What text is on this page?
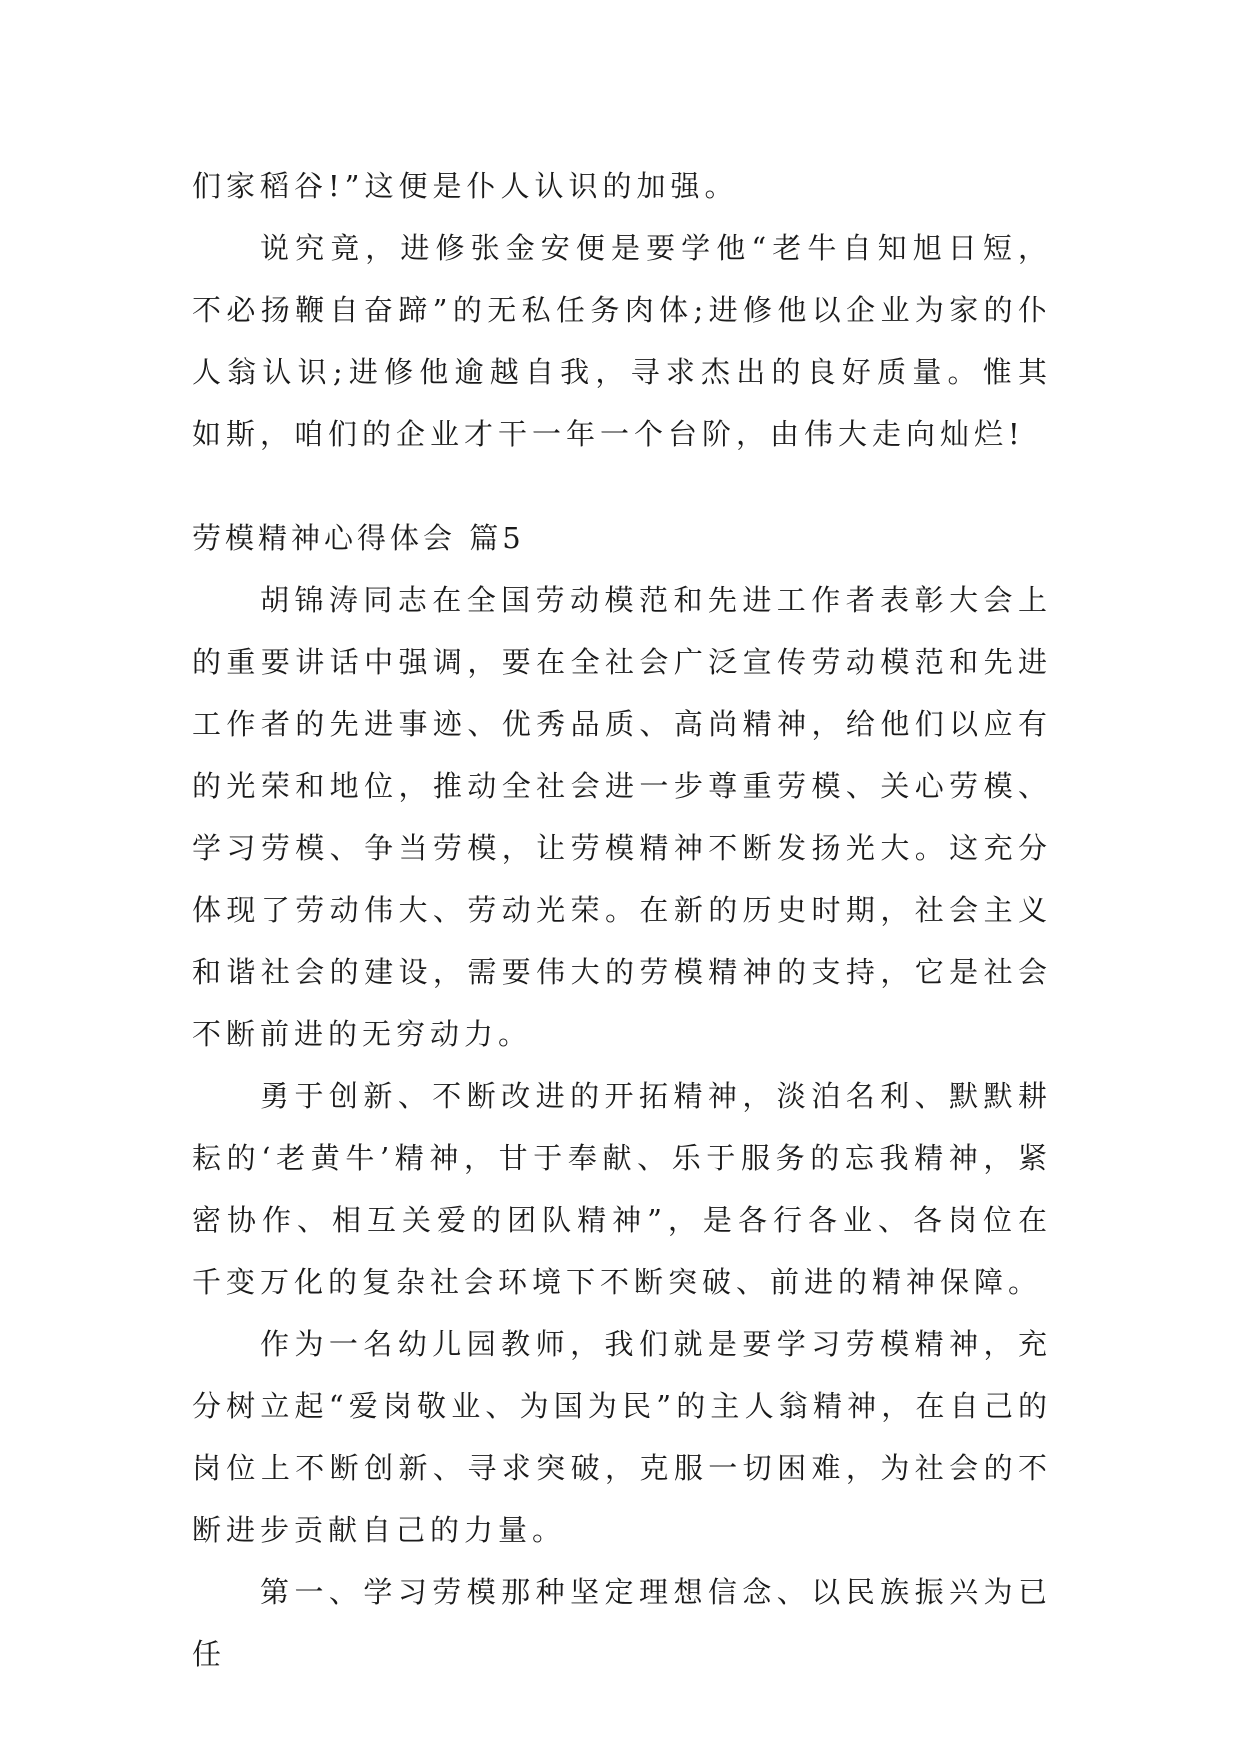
们家稻谷!”这便是仆人认识的加强。

说究竟，进修张金安便是要学他“老牛自知旭日短，不必扬鞭自奋蹄”的无私任务肉体;进修他以企业为家的仆人翁认识;进修他逾越自我，寻求杰出的良好质量。惟其如斯，咱们的企业才干一年一个台阶，由伟大走向灿烂!

劳模精神心得体会 篇5

胡锦涛同志在全国劳动模范和先进工作者表彰大会上的重要讲话中强调，要在全社会广泛宣传劳动模范和先进工作者的先进事迹、优秀品质、高尚精神，给他们以应有的光荣和地位，推动全社会进一步尊重劳模、关心劳模、学习劳模、争当劳模，让劳模精神不断发扬光大。这充分体现了劳动伟大、劳动光荣。在新的历史时期，社会主义和谐社会的建设，需要伟大的劳模精神的支持，它是社会不断前进的无穷动力。

勇于创新、不断改进的开拓精神，淡泊名利、默默耕耘的‘老黄牛’精神，甘于奉献、乐于服务的忘我精神，紧密协作、相互关爱的团队精神”，是各行各业、各岗位在千变万化的复杂社会环境下不断突破、前进的精神保障。

作为一名幼儿园教师，我们就是要学习劳模精神，充分树立起“爱岗敬业、为国为民”的主人翁精神，在自己的岗位上不断创新、寻求突破，克服一切困难，为社会的不断进步贡献自己的力量。

第一、学习劳模那种坚定理想信念、以民族振兴为已任
